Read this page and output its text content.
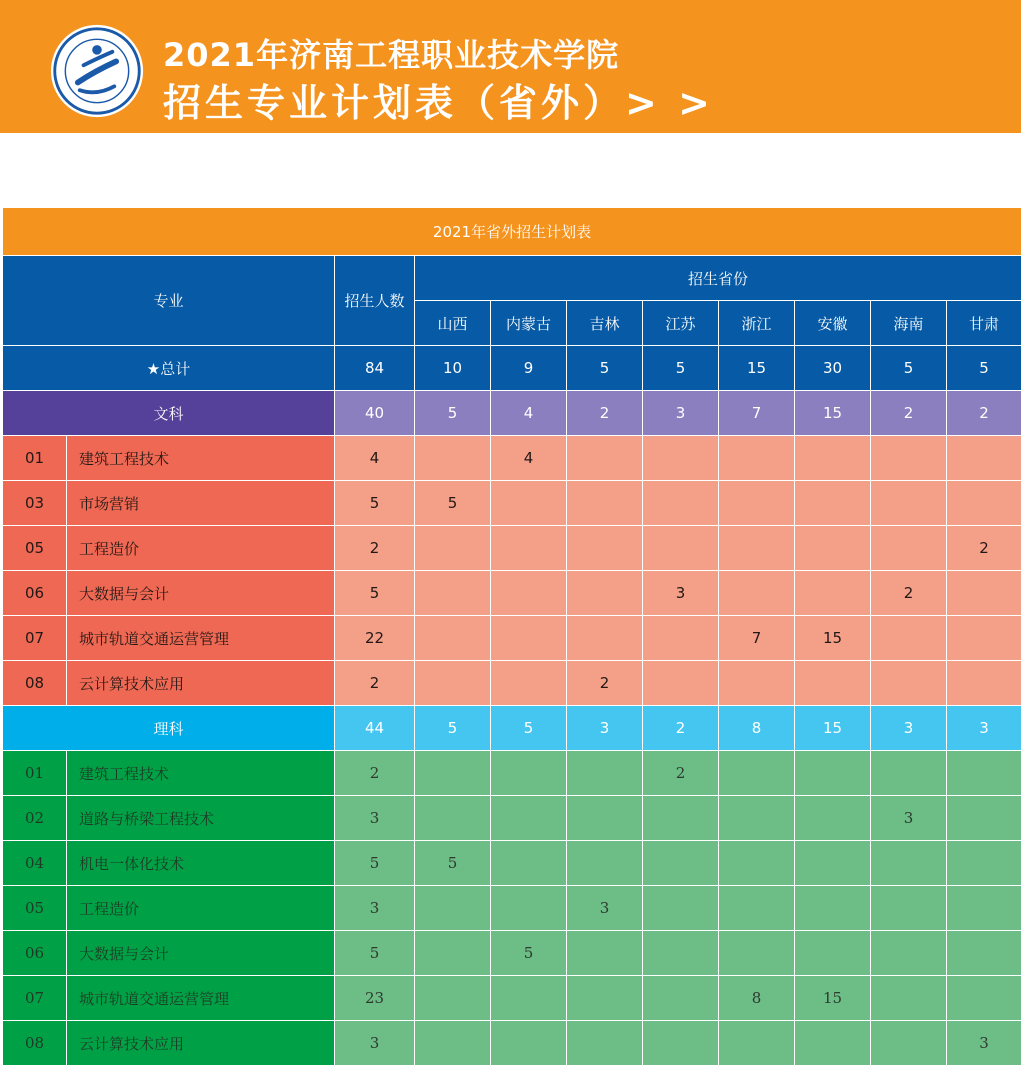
2021年济南工程职业技术学院
招生专业计划表（省外）> >
2021年省外招生计划表										
专业		招生人数	招生省份							
			山西	内蒙古	吉林	江苏	浙江	安徽	海南	甘肃
★总计		84	10	9	5	5	15	30	5	5
文科		40	5	4	2	3	7	15	2	2
01	建筑工程技术	4		4						
03	市场营销	5	5							
05	工程造价	2								2
06	大数据与会计	5				3			2	
07	城市轨道交通运营管理	22					7	15		
08	云计算技术应用	2			2					
理科		44	5	5	3	2	8	15	3	3
01	建筑工程技术	2				2				
02	道路与桥梁工程技术	3							3	
04	机电一体化技术	5	5							
05	工程造价	3			3					
06	大数据与会计	5		5						
07	城市轨道交通运营管理	23					8	15		
08	云计算技术应用	3								3
